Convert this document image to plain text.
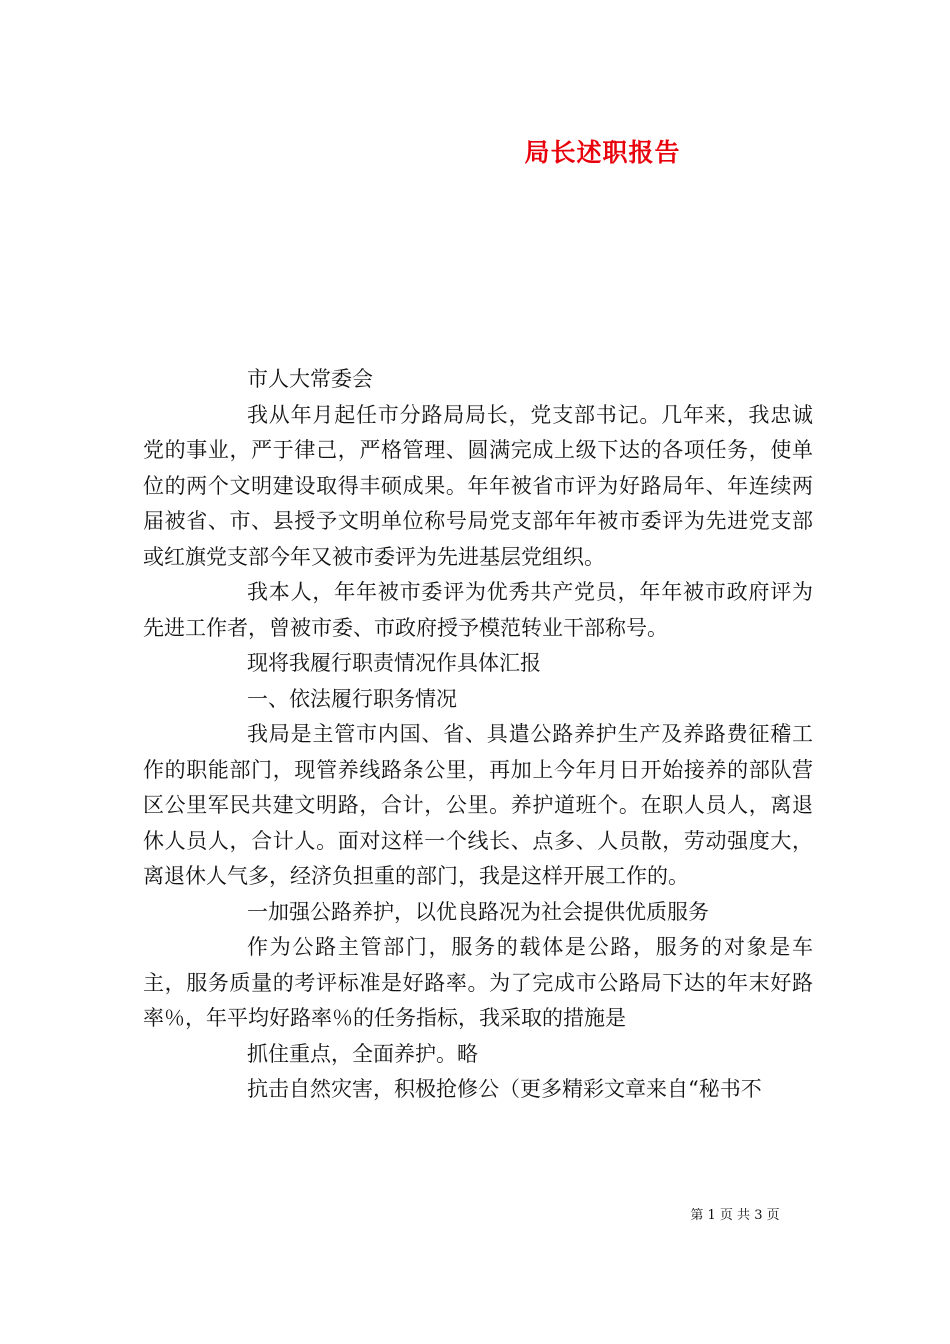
局长述职报告

市人大常委会

我从年月起任市分路局局长，党支部书记。几年来，我忠诚党的事业，严于律己，严格管理、圆满完成上级下达的各项任务，使单位的两个文明建设取得丰硕成果。年年被省市评为好路局年、年连续两届被省、市、县授予文明单位称号局党支部年年被市委评为先进党支部或红旗党支部今年又被市委评为先进基层党组织。

我本人，年年被市委评为优秀共产党员，年年被市政府评为先进工作者，曾被市委、市政府授予模范转业干部称号。

现将我履行职责情况作具体汇报

一、依法履行职务情况

我局是主管市内国、省、具遣公路养护生产及养路费征稽工作的职能部门，现管养线路条公里，再加上今年月日开始接养的部队营区公里军民共建文明路，合计，公里。养护道班个。在职人员人，离退休人员人，合计人。面对这样一个线长、点多、人员散，劳动强度大，离退休人气多，经济负担重的部门，我是这样开展工作的。

一加强公路养护，以优良路况为社会提供优质服务

作为公路主管部门，服务的载体是公路，服务的对象是车主，服务质量的考评标准是好路率。为了完成市公路局下达的年末好路率％，年平均好路率％的任务指标，我采取的措施是

抓住重点，全面养护。略

抗击自然灾害，积极抢修公（更多精彩文章来自“秘书不

第 1 页 共 3 页
